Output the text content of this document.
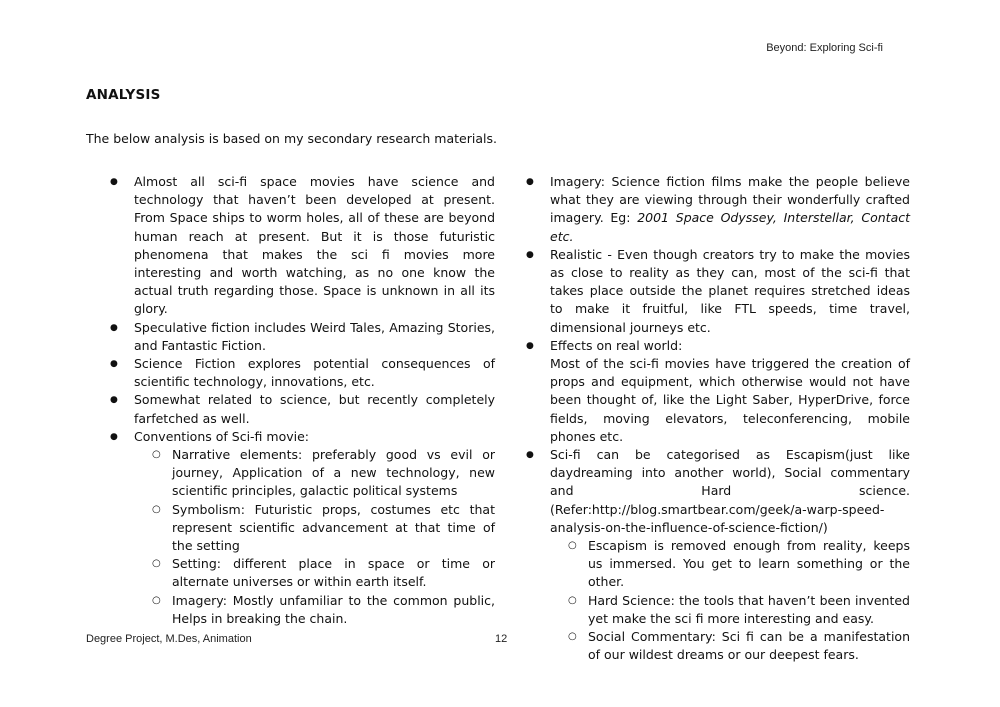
Beyond: Exploring Sci-fi
ANALYSIS
The below analysis is based on my secondary research materials.
● Almost all sci-fi space movies have science and technology that haven’t been developed at present. From Space ships to worm holes, all of these are beyond human reach at present. But it is those futuristic phenomena that makes the sci fi movies more interesting and worth watching, as no one know the actual truth regarding those. Space is unknown in all its glory.
● Speculative fiction includes Weird Tales, Amazing Stories, and Fantastic Fiction.
● Science Fiction explores potential consequences of scientific technology, innovations, etc.
● Somewhat related to science, but recently completely farfetched as well.
● Conventions of Sci-fi movie:
○ Narrative elements: preferably good vs evil or journey, Application of a new technology, new scientific principles, galactic political systems
○ Symbolism: Futuristic props, costumes etc that represent scientific advancement at that time of the setting
○ Setting: different place in space or time or alternate universes or within earth itself.
○ Imagery: Mostly unfamiliar to the common public, Helps in breaking the chain.
● Imagery: Science fiction films make the people believe what they are viewing through their wonderfully crafted imagery. Eg: 2001 Space Odyssey, Interstellar, Contact etc.
● Realistic - Even though creators try to make the movies as close to reality as they can, most of the sci-fi that takes place outside the planet requires stretched ideas to make it fruitful, like FTL speeds, time travel, dimensional journeys etc.
● Effects on real world:
Most of the sci-fi movies have triggered the creation of props and equipment, which otherwise would not have been thought of, like the Light Saber, HyperDrive, force fields, moving elevators, teleconferencing, mobile phones etc.
● Sci-fi can be categorised as Escapism(just like daydreaming into another world), Social commentary and Hard science. (Refer:http://blog.smartbear.com/geek/a-warp-speed-analysis-on-the-influence-of-science-fiction/)
○ Escapism is removed enough from reality, keeps us immersed. You get to learn something or the other.
○ Hard Science: the tools that haven’t been invented yet make the sci fi more interesting and easy.
○ Social Commentary: Sci fi can be a manifestation of our wildest dreams or our deepest fears.
Degree Project, M.Des, Animation	12
